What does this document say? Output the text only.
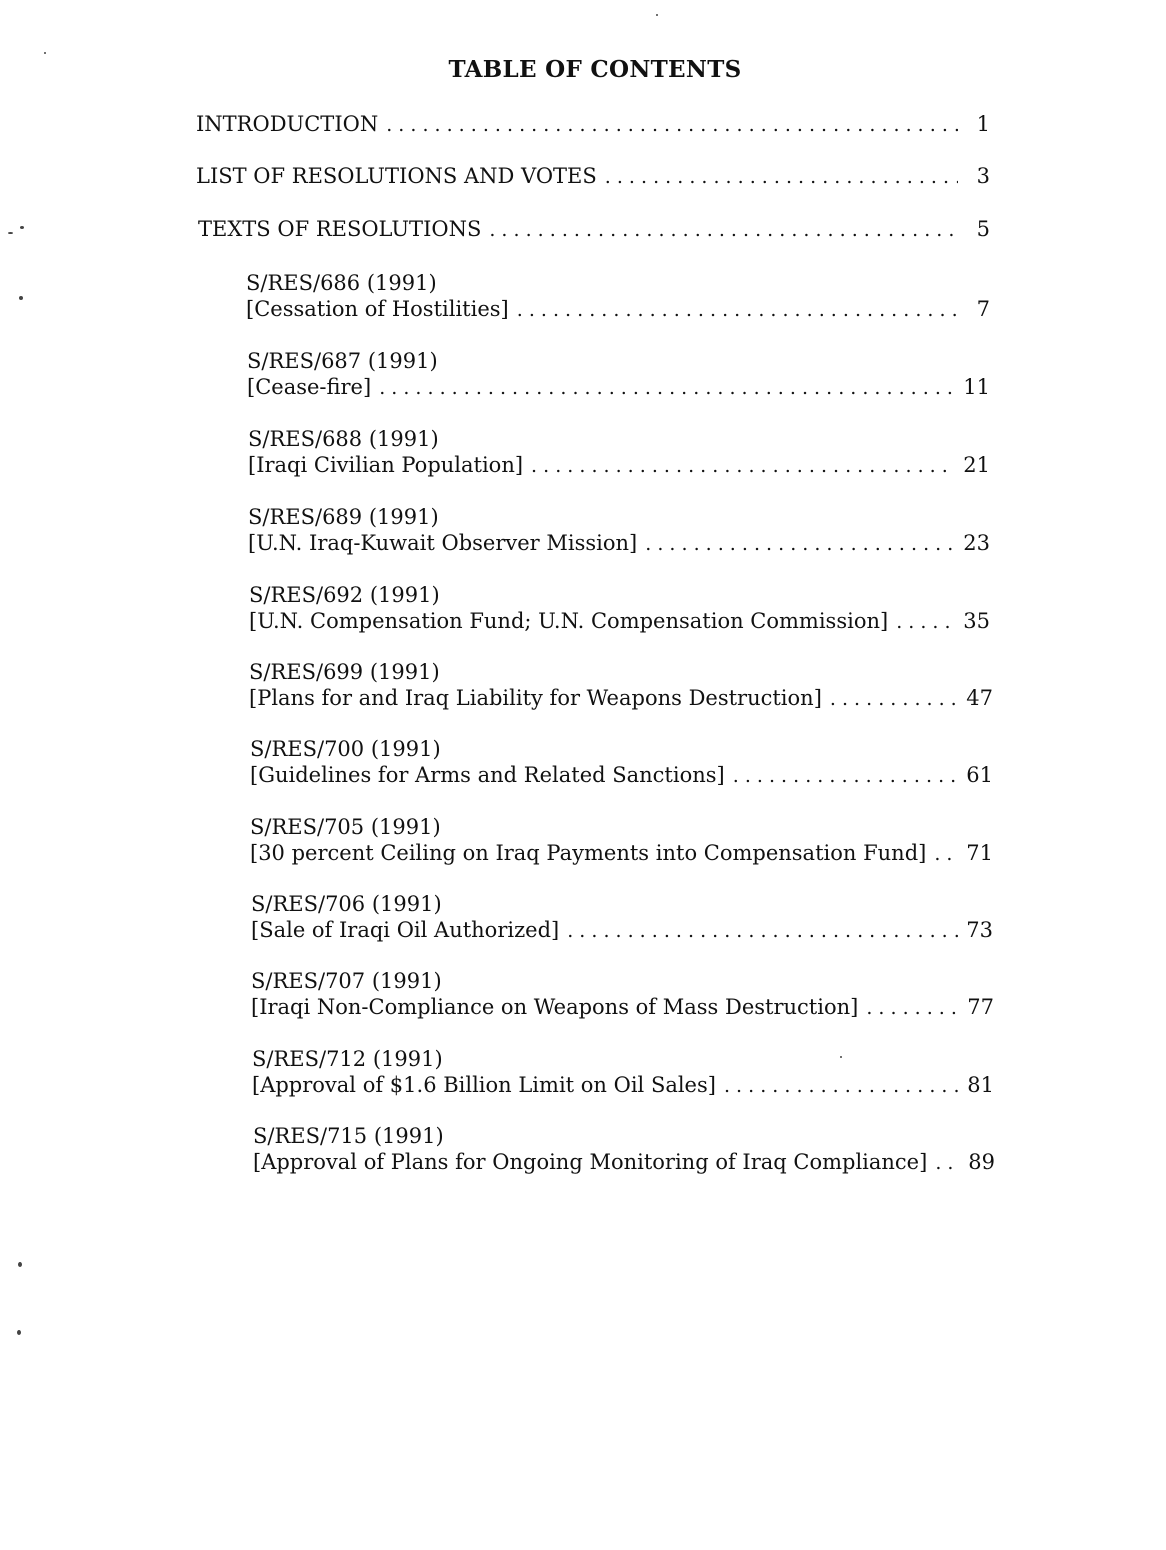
TABLE OF CONTENTS
INTRODUCTION . . .	1
LIST OF RESOLUTIONS AND VOTES . . .	3
TEXTS OF RESOLUTIONS . . .	5
S/RES/686 (1991)
[Cessation of Hostilities] . . .	7
S/RES/687 (1991)
[Cease-fire] . . .	11
S/RES/688 (1991)
[Iraqi Civilian Population] . . .	21
S/RES/689 (1991)
[U.N. Iraq-Kuwait Observer Mission] . . .	23
S/RES/692 (1991)
[U.N. Compensation Fund; U.N. Compensation Commission] . . .	35
S/RES/699 (1991)
[Plans for and Iraq Liability for Weapons Destruction] . . .	47
S/RES/700 (1991)
[Guidelines for Arms and Related Sanctions] . . .	61
S/RES/705 (1991)
[30 percent Ceiling on Iraq Payments into Compensation Fund] . . . 71
S/RES/706 (1991)
[Sale of Iraqi Oil Authorized] . . .	73
S/RES/707 (1991)
[Iraqi Non-Compliance on Weapons of Mass Destruction] . . .	77
S/RES/712 (1991)
[Approval of $1.6 Billion Limit on Oil Sales] . . .	81
S/RES/715 (1991)
[Approval of Plans for Ongoing Monitoring of Iraq Compliance] . . . 89
